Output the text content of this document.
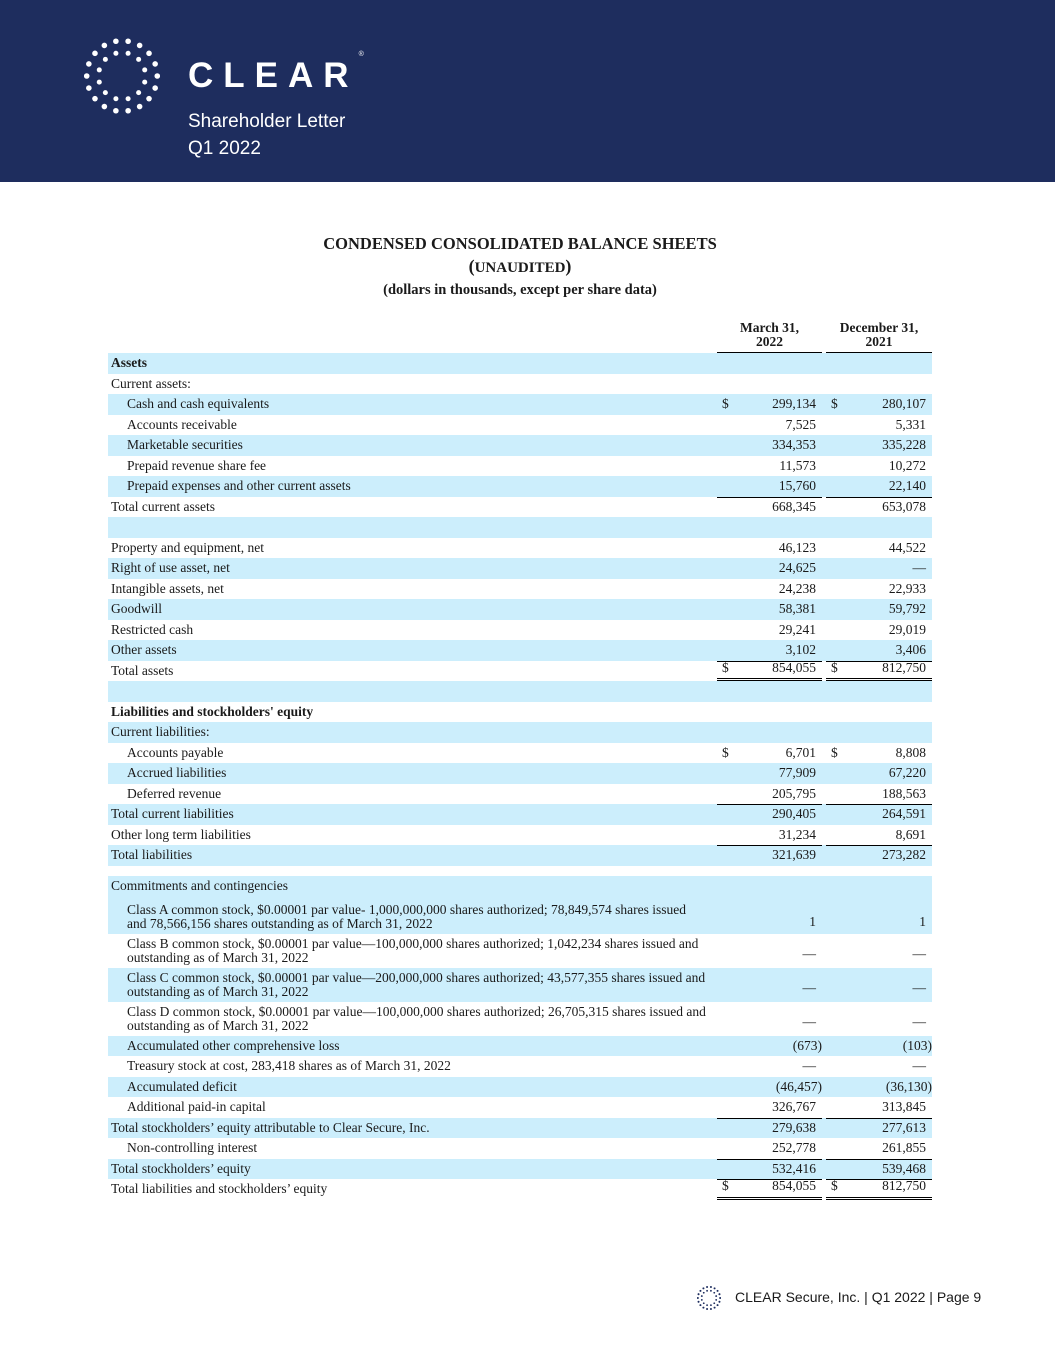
CLEAR®
Shareholder Letter
Q1 2022
CONDENSED CONSOLIDATED BALANCE SHEETS
(UNAUDITED)
(dollars in thousands, except per share data)
March 31,
2022
December 31,
2021
Assets
Current assets:
Cash and cash equivalents	$	299,134 $	280,107
Accounts receivable	7,525	5,331
Marketable securities	334,353	335,228
Prepaid revenue share fee	11,573	10,272
Prepaid expenses and other current assets	15,760	22,140
Total current assets	668,345	653,078
Property and equipment, net	46,123	44,522
Right of use asset, net	24,625	—
Intangible assets, net	24,238	22,933
Goodwill	58,381	59,792
Restricted cash	29,241	29,019
Other assets	3,102	3,406
Total assets	$	854,055 $	812,750
Liabilities and stockholders' equity
Current liabilities:
Accounts payable	$	6,701 $	8,808
Accrued liabilities	77,909	67,220
Deferred revenue	205,795	188,563
Total current liabilities	290,405	264,591
Other long term liabilities	31,234	8,691
Total liabilities	321,639	273,282
Commitments and contingencies
Class A common stock, $0.00001 par value- 1,000,000,000 shares authorized; 78,849,574 shares issued and 78,566,156 shares outstanding as of March 31, 2022	1	1
Class B common stock, $0.00001 par value—100,000,000 shares authorized; 1,042,234 shares issued and outstanding as of March 31, 2022	—	—
Class C common stock, $0.00001 par value—200,000,000 shares authorized; 43,577,355 shares issued and outstanding as of March 31, 2022	—	—
Class D common stock, $0.00001 par value—100,000,000 shares authorized; 26,705,315 shares issued and outstanding as of March 31, 2022	—	—
Accumulated other comprehensive loss	(673)	(103)
Treasury stock at cost, 283,418 shares as of March 31, 2022	—	—
Accumulated deficit	(46,457)	(36,130)
Additional paid-in capital	326,767	313,845
Total stockholders’ equity attributable to Clear Secure, Inc.	279,638	277,613
Non-controlling interest	252,778	261,855
Total stockholders’ equity	532,416	539,468
Total liabilities and stockholders’ equity	$	854,055 $	812,750
CLEAR Secure, Inc. | Q1 2022 | Page 9
